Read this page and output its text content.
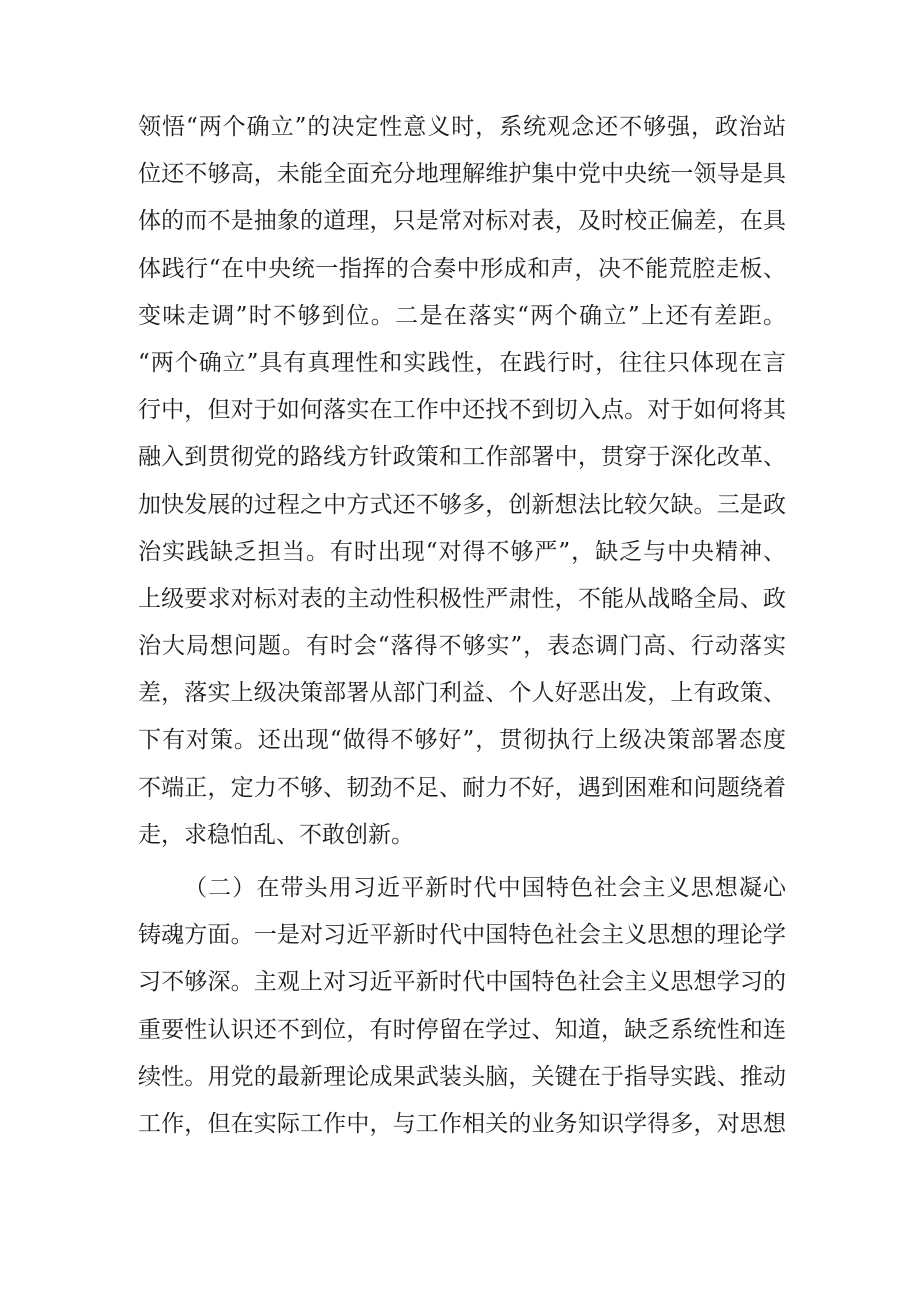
领悟“两个确立”的决定性意义时，系统观念还不够强，政治站
位还不够高，未能全面充分地理解维护集中党中央统一领导是具
体的而不是抽象的道理，只是常对标对表，及时校正偏差，在具
体践行“在中央统一指挥的合奏中形成和声，决不能荒腔走板、
变味走调”时不够到位。二是在落实“两个确立”上还有差距。
“两个确立”具有真理性和实践性，在践行时，往往只体现在言
行中，但对于如何落实在工作中还找不到切入点。对于如何将其
融入到贯彻党的路线方针政策和工作部署中，贯穿于深化改革、
加快发展的过程之中方式还不够多，创新想法比较欠缺。三是政
治实践缺乏担当。有时出现“对得不够严”，缺乏与中央精神、
上级要求对标对表的主动性积极性严肃性，不能从战略全局、政
治大局想问题。有时会“落得不够实”，表态调门高、行动落实
差，落实上级决策部署从部门利益、个人好恶出发，上有政策、
下有对策。还出现“做得不够好”，贯彻执行上级决策部署态度
不端正，定力不够、韧劲不足、耐力不好，遇到困难和问题绕着
走，求稳怕乱、不敢创新。
（二）在带头用习近平新时代中国特色社会主义思想凝心
铸魂方面。一是对习近平新时代中国特色社会主义思想的理论学
习不够深。主观上对习近平新时代中国特色社会主义思想学习的
重要性认识还不到位，有时停留在学过、知道，缺乏系统性和连
续性。用党的最新理论成果武装头脑，关键在于指导实践、推动
工作，但在实际工作中，与工作相关的业务知识学得多，对思想
